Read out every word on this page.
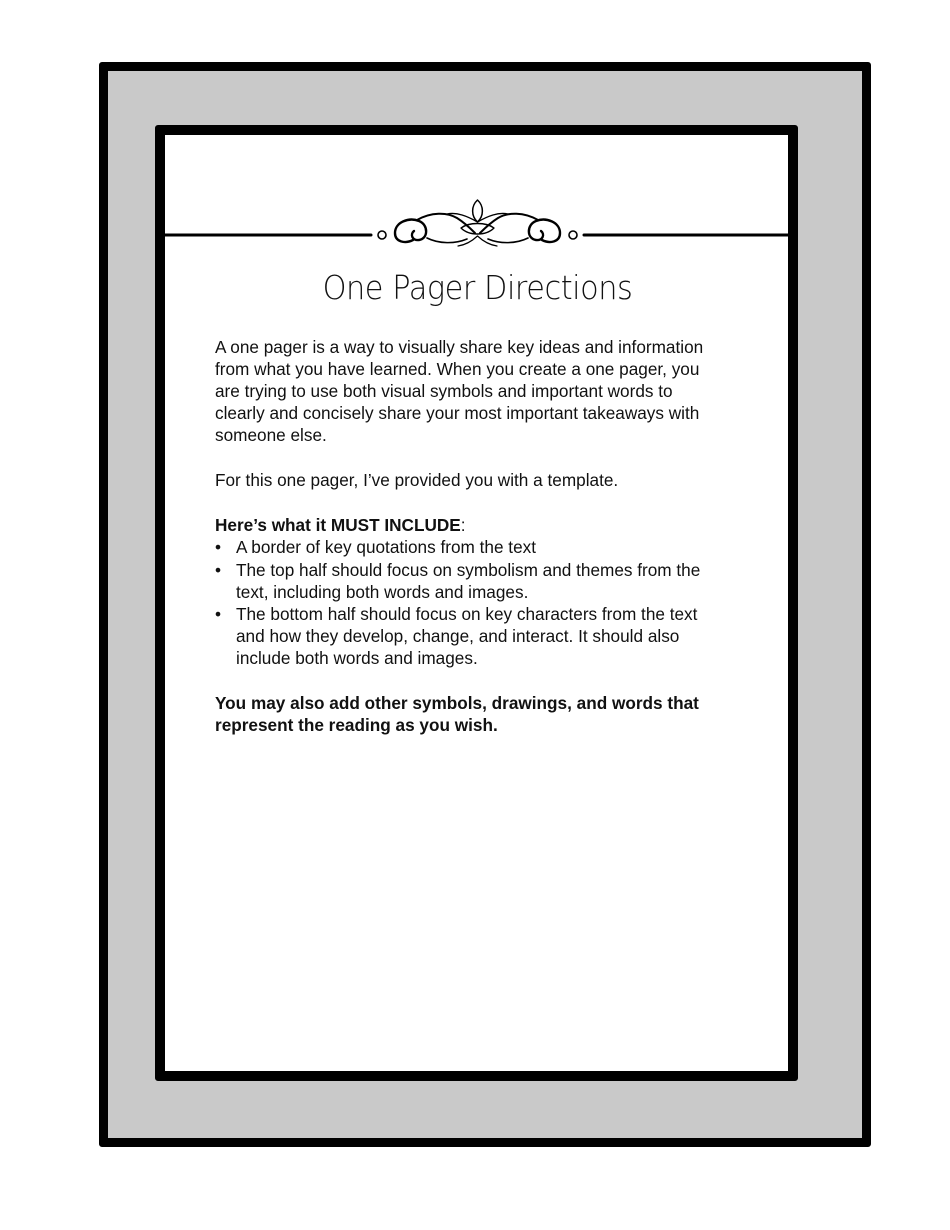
One Pager Directions

A one pager is a way to visually share key ideas and information from what you have learned. When you create a one pager, you are trying to use both visual symbols and important words to clearly and concisely share your most important takeaways with someone else.

For this one pager, I’ve provided you with a template.

Here’s what it MUST INCLUDE:

• A border of key quotations from the text
• The top half should focus on symbolism and themes from the text, including both words and images.
• The bottom half should focus on key characters from the text and how they develop, change, and interact. It should also include both words and images.

You may also add other symbols, drawings, and words that represent the reading as you wish.
